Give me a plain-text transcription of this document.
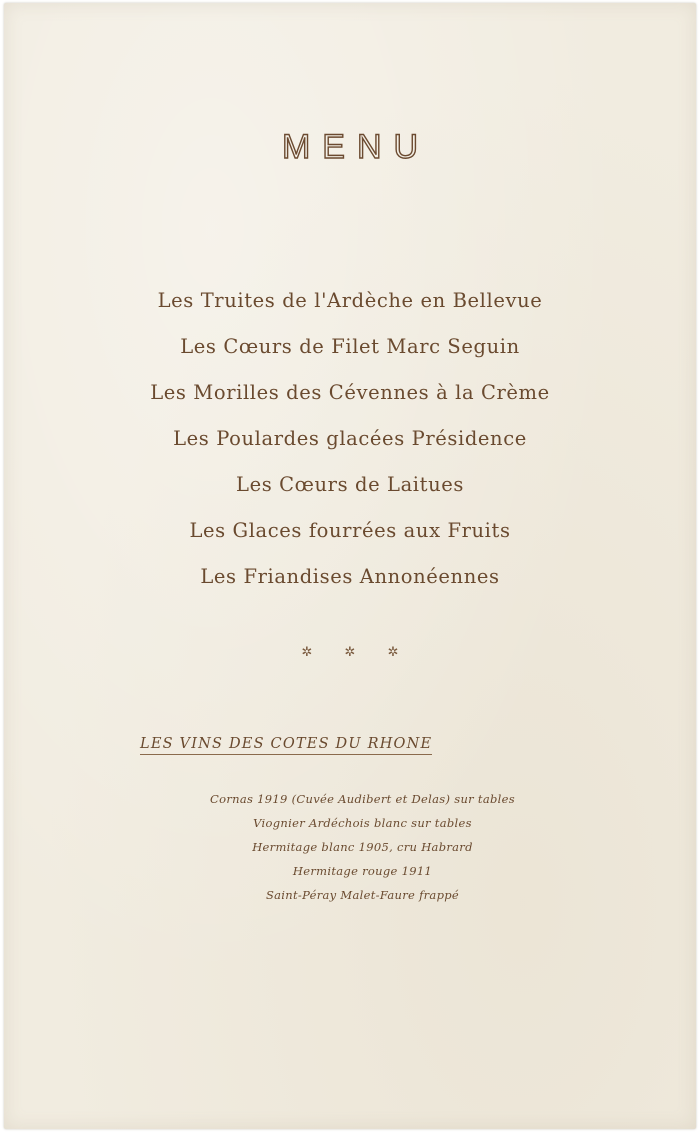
MENU
Les Truites de l'Ardèche en Bellevue
Les Cœurs de Filet Marc Seguin
Les Morilles des Cévennes à la Crème
Les Poulardes glacées Présidence
Les Cœurs de Laitues
Les Glaces fourrées aux Fruits
Les Friandises Annonéennes
✲ ✲ ✲
LES VINS DES COTES DU RHONE
Cornas 1919 (Cuvée Audibert et Delas) sur tables
Viognier Ardéchois blanc sur tables
Hermitage blanc 1905, cru Habrard
Hermitage rouge 1911
Saint-Péray Malet-Faure frappé
